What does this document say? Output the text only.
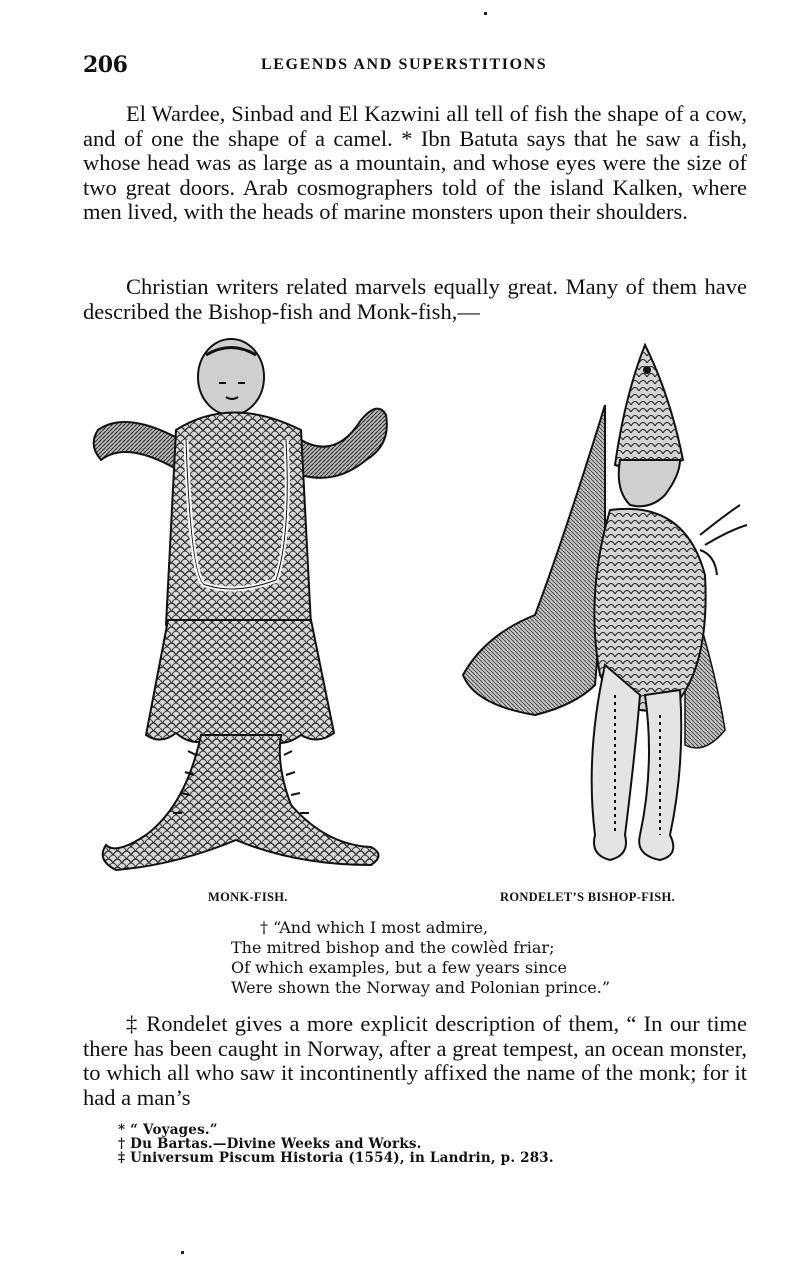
206	LEGENDS AND SUPERSTITIONS

El Wardee, Sinbad and El Kazwini all tell of fish the shape of a cow, and of one the shape of a camel. * Ibn Batuta says that he saw a fish, whose head was as large as a mountain, and whose eyes were the size of two great doors. Arab cosmographers told of the island Kalken, where men lived, with the heads of marine monsters upon their shoulders.

Christian writers related marvels equally great. Many of them have described the Bishop-fish and Monk-fish,—

MONK-FISH.	RONDELET’S BISHOP-FISH.
† “And which I most admire,
The mitred bishop and the cowlèd friar;
Of which examples, but a few years since
Were shown the Norway and Polonian prince.”

‡ Rondelet gives a more explicit description of them, “ In our time there has been caught in Norway, after a great tempest, an ocean monster, to which all who saw it incontinently affixed the name of the monk; for it had a man’s

* “ Voyages.”
† Du Bartas.—Divine Weeks and Works.
‡ Universum Piscum Historia (1554), in Landrin, p. 283.
